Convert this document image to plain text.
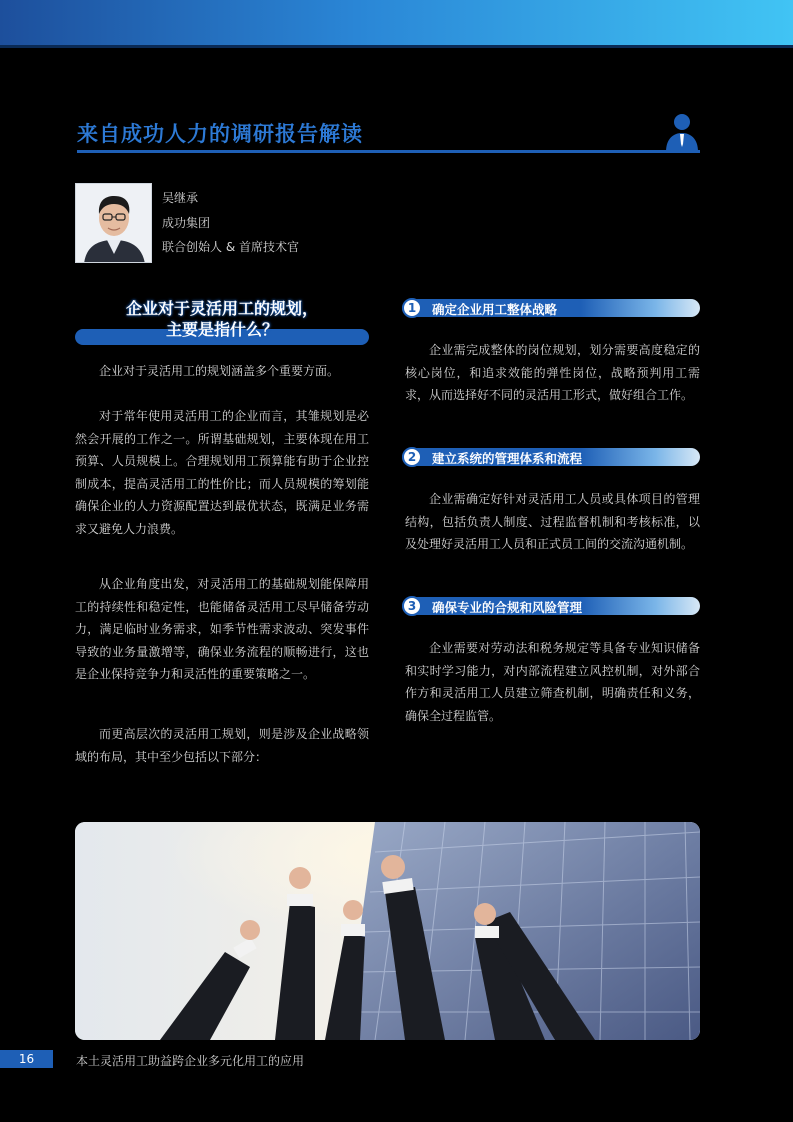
来自成功人力的调研报告解读
吴继承
成功集团
联合创始人 & 首席技术官
企业对于灵活用工的规划，
主要是指什么？

企业对于灵活用工的规划涵盖多个重要方面。

对于常年使用灵活用工的企业而言，其雏规划是必然会开展的工作之一。所谓基础规划，主要体现在用工预算、人员规模上。合理规划用工预算能有助于企业控制成本，提高灵活用工的性价比；而人员规模的筹划能确保企业的人力资源配置达到最优状态，既满足业务需求又避免人力浪费。

从企业角度出发，对灵活用工的基础规划能保障用工的持续性和稳定性，也能储备灵活用工尽早储备劳动力，满足临时业务需求，如季节性需求波动、突发事件导致的业务量激增等，确保业务流程的顺畅进行，这也是企业保持竞争力和灵活性的重要策略之一。

而更高层次的灵活用工规划，则是涉及企业战略领域的布局，其中至少包括以下部分：

1	确定企业用工整体战略

企业需完成整体的岗位规划，划分需要高度稳定的核心岗位，和追求效能的弹性岗位，战略预判用工需求，从而选择好不同的灵活用工形式，做好组合工作。

2	建立系统的管理体系和流程

企业需确定好针对灵活用工人员或具体项目的管理结构，包括负责人制度、过程监督机制和考核标准，以及处理好灵活用工人员和正式员工间的交流沟通机制。

3	确保专业的合规和风险管理

企业需要对劳动法和税务规定等具备专业知识储备和实时学习能力，对内部流程建立风控机制，对外部合作方和灵活用工人员建立筛查机制，明确责任和义务，确保全过程监管。

16	本土灵活用工助益跨企业多元化用工的应用
